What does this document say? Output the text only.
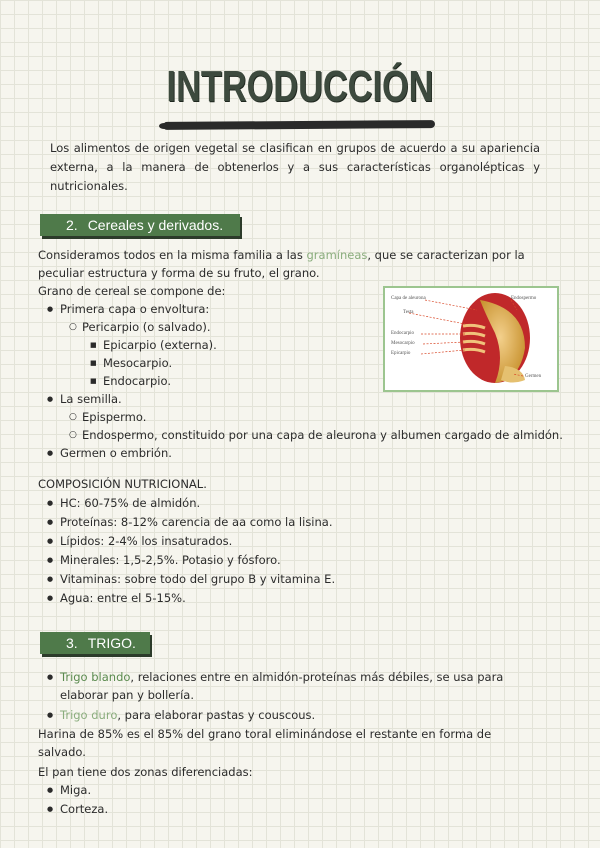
INTRODUCCIÓN
Los alimentos de origen vegetal se clasifican en grupos de acuerdo a su apariencia externa, a la manera de obtenerlos y a sus características organolépticas y nutricionales.
2. Cereales y derivados.
Consideramos todos en la misma familia a las gramíneas, que se caracterizan por la
peculiar estructura y forma de su fruto, el grano.
Grano de cereal se compone de:
● Primera capa o envoltura:
○ Pericarpio (o salvado).
■ Epicarpio (externa).
■ Mesocarpio.
■ Endocarpio.
● La semilla.
○ Epispermo.
○ Endospermo, constituido por una capa de aleurona y albumen cargado de almidón.
● Germen o embrión.
Capa de aleurona
Testa
Endocarpio
Mesocarpio
Epicarpio
Endospermo
Germen
COMPOSICIÓN NUTRICIONAL.
● HC: 60-75% de almidón.
● Proteínas: 8-12% carencia de aa como la lisina.
● Lípidos: 2-4% los insaturados.
● Minerales: 1,5-2,5%. Potasio y fósforo.
● Vitaminas: sobre todo del grupo B y vitamina E.
● Agua: entre el 5-15%.
3. TRIGO.
● Trigo blando, relaciones entre en almidón-proteínas más débiles, se usa para
elaborar pan y bollería.
● Trigo duro, para elaborar pastas y couscous.
Harina de 85% es el 85% del grano toral eliminándose el restante en forma de
salvado.
El pan tiene dos zonas diferenciadas:
● Miga.
● Corteza.
